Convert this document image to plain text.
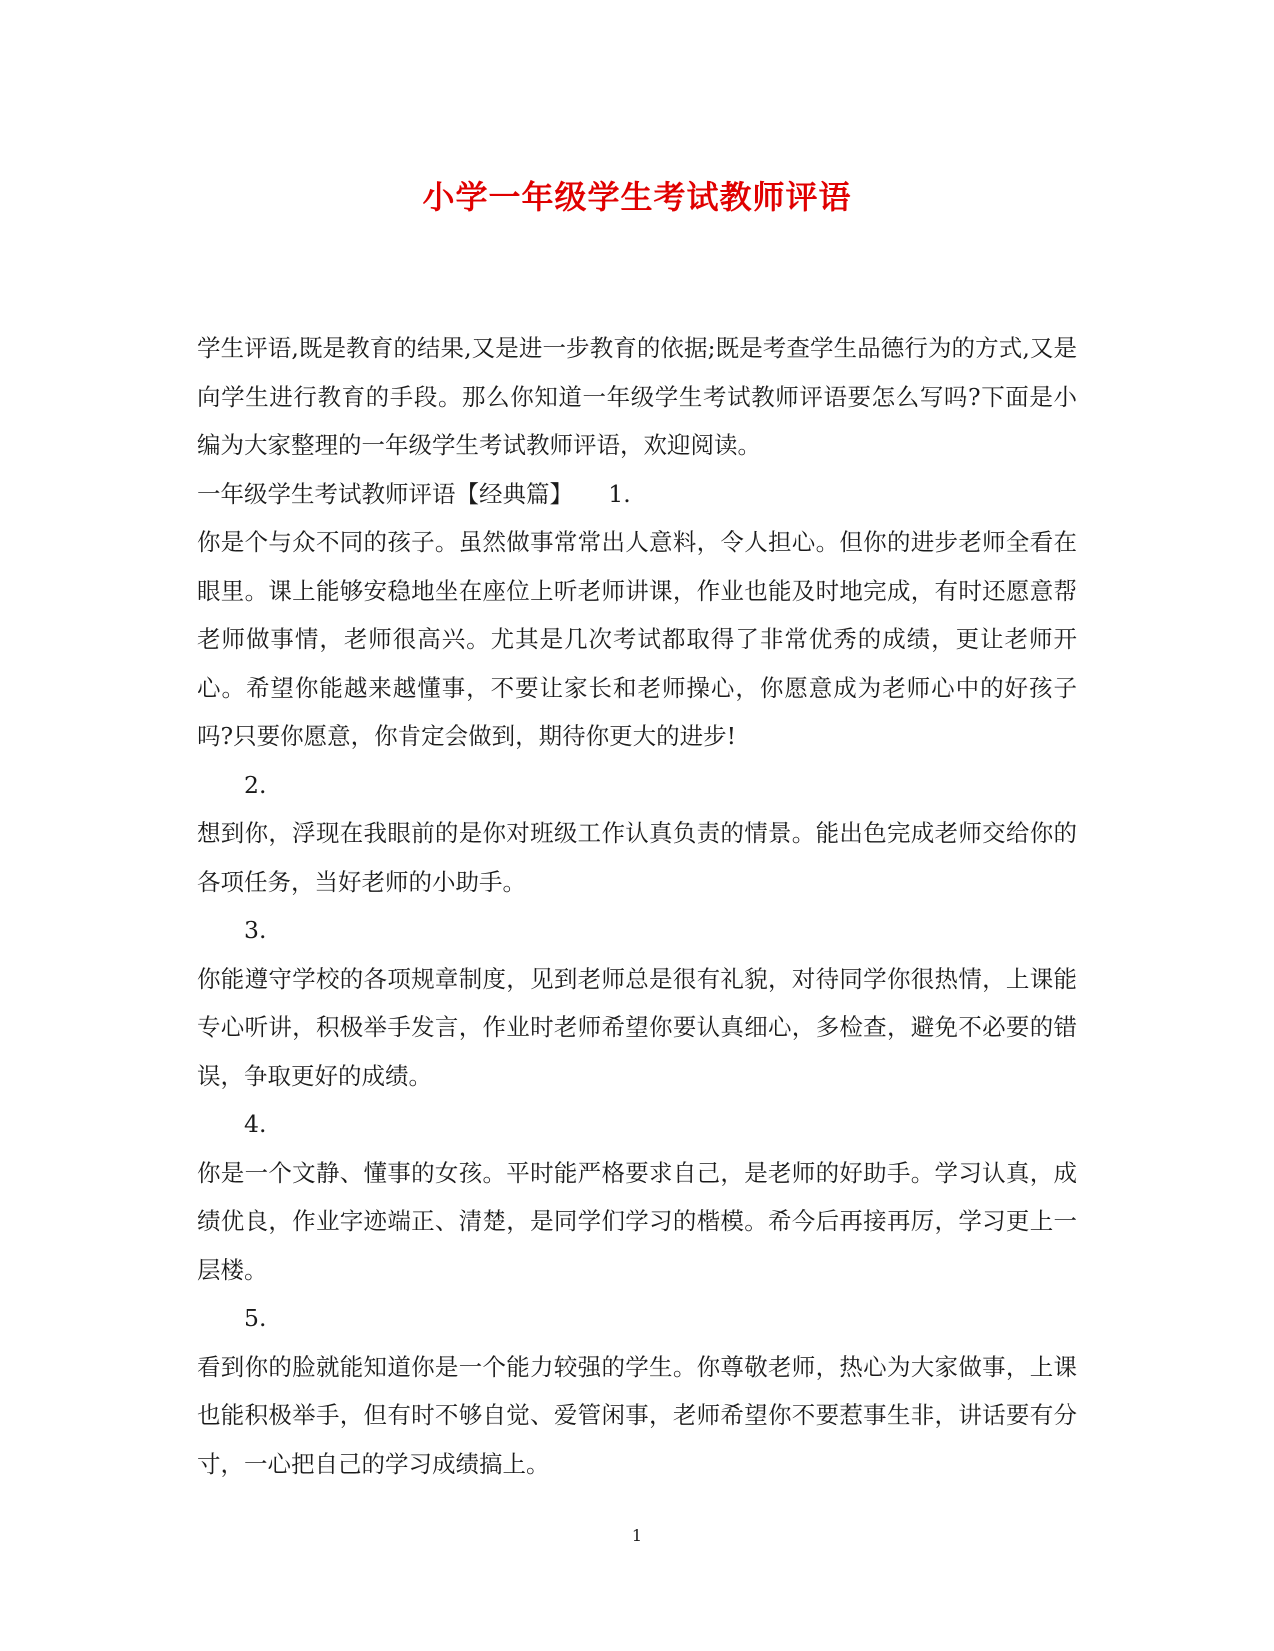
小学一年级学生考试教师评语

学生评语,既是教育的结果,又是进一步教育的依据;既是考查学生品德行为的方式,又是向学生进行教育的手段。那么你知道一年级学生考试教师评语要怎么写吗?下面是小编为大家整理的一年级学生考试教师评语，欢迎阅读。

一年级学生考试教师评语【经典篇】　　1.

你是个与众不同的孩子。虽然做事常常出人意料，令人担心。但你的进步老师全看在眼里。课上能够安稳地坐在座位上听老师讲课，作业也能及时地完成，有时还愿意帮老师做事情，老师很高兴。尤其是几次考试都取得了非常优秀的成绩，更让老师开心。希望你能越来越懂事，不要让家长和老师操心，你愿意成为老师心中的好孩子吗?只要你愿意，你肯定会做到，期待你更大的进步!

2.

想到你，浮现在我眼前的是你对班级工作认真负责的情景。能出色完成老师交给你的各项任务，当好老师的小助手。

3.

你能遵守学校的各项规章制度，见到老师总是很有礼貌，对待同学你很热情，上课能专心听讲，积极举手发言，作业时老师希望你要认真细心，多检查，避免不必要的错误，争取更好的成绩。

4.

你是一个文静、懂事的女孩。平时能严格要求自己，是老师的好助手。学习认真，成绩优良，作业字迹端正、清楚，是同学们学习的楷模。希今后再接再厉，学习更上一层楼。

5.

看到你的脸就能知道你是一个能力较强的学生。你尊敬老师，热心为大家做事，上课也能积极举手，但有时不够自觉、爱管闲事，老师希望你不要惹事生非，讲话要有分寸，一心把自己的学习成绩搞上。

1
